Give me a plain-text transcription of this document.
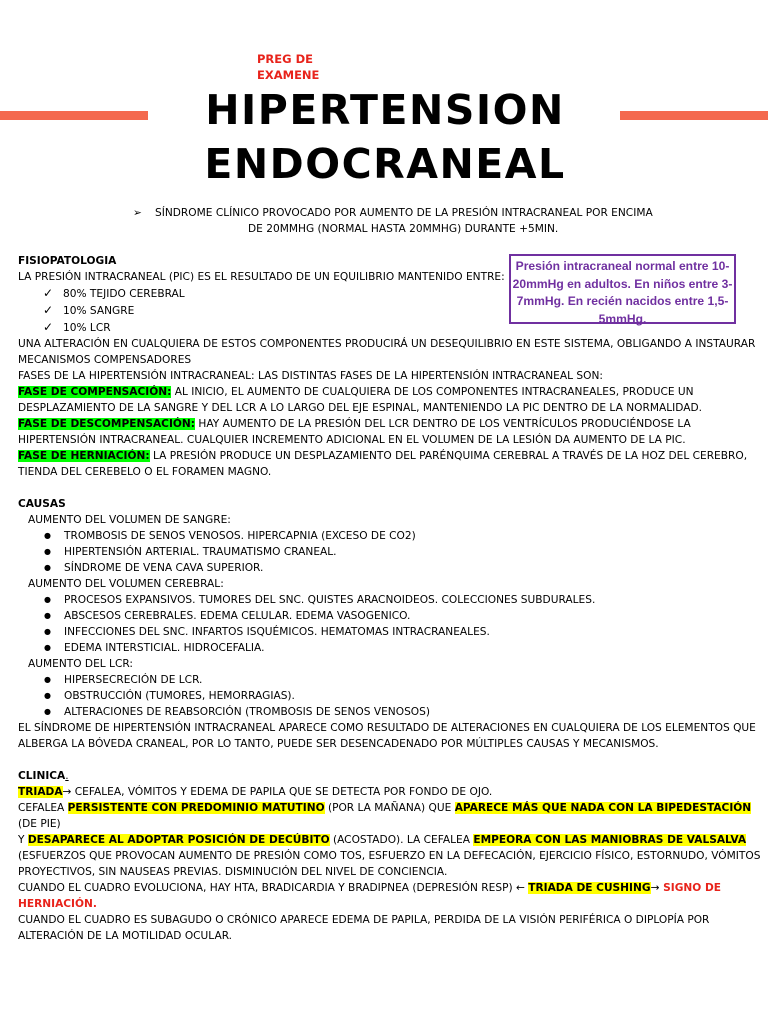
PREG DE EXAMENE
HIPERTENSION
ENDOCRANEAL
➢ SÍNDROME CLÍNICO PROVOCADO POR AUMENTO DE LA PRESIÓN INTRACRANEAL POR ENCIMA
DE 20MMHG (NORMAL HASTA 20MMHG) DURANTE +5MIN.
Presión intracraneal normal entre 10-20mmHg en adultos. En niños entre 3-7mmHg. En recién nacidos entre 1,5-5mmHg.

FISIOPATOLOGIA

LA PRESIÓN INTRACRANEAL (PIC) ES EL RESULTADO DE UN EQUILIBRIO MANTENIDO ENTRE:

✓ 80% TEJIDO CEREBRAL

✓ 10% SANGRE

✓ 10% LCR

UNA ALTERACIÓN EN CUALQUIERA DE ESTOS COMPONENTES PRODUCIRÁ UN DESEQUILIBRIO EN ESTE SISTEMA, OBLIGANDO A INSTAURAR MECANISMOS COMPENSADORES

FASES DE LA HIPERTENSIÓN INTRACRANEAL: LAS DISTINTAS FASES DE LA HIPERTENSIÓN INTRACRANEAL SON:

FASE DE COMPENSACIÓN: AL INICIO, EL AUMENTO DE CUALQUIERA DE LOS COMPONENTES INTRACRANEALES, PRODUCE UN DESPLAZAMIENTO DE LA SANGRE Y DEL LCR A LO LARGO DEL EJE ESPINAL, MANTENIENDO LA PIC DENTRO DE LA NORMALIDAD.

FASE DE DESCOMPENSACIÓN: HAY AUMENTO DE LA PRESIÓN DEL LCR DENTRO DE LOS VENTRÍCULOS PRODUCIÉNDOSE LA HIPERTENSIÓN INTRACRANEAL. CUALQUIER INCREMENTO ADICIONAL EN EL VOLUMEN DE LA LESIÓN DA AUMENTO DE LA PIC.

FASE DE HERNIACIÓN: LA PRESIÓN PRODUCE UN DESPLAZAMIENTO DEL PARÉNQUIMA CEREBRAL A TRAVÉS DE LA HOZ DEL CEREBRO, TIENDA DEL CEREBELO O EL FORAMEN MAGNO.

CAUSAS

AUMENTO DEL VOLUMEN DE SANGRE:

● TROMBOSIS DE SENOS VENOSOS. HIPERCAPNIA (EXCESO DE CO2)

● HIPERTENSIÓN ARTERIAL. TRAUMATISMO CRANEAL.

● SÍNDROME DE VENA CAVA SUPERIOR.

AUMENTO DEL VOLUMEN CEREBRAL:

● PROCESOS EXPANSIVOS. TUMORES DEL SNC. QUISTES ARACNOIDEOS. COLECCIONES SUBDURALES.

● ABSCESOS CEREBRALES. EDEMA CELULAR. EDEMA VASOGENICO.

● INFECCIONES DEL SNC. INFARTOS ISQUÉMICOS. HEMATOMAS INTRACRANEALES.

● EDEMA INTERSTICIAL. HIDROCEFALIA.

AUMENTO DEL LCR:

● HIPERSECRECIÓN DE LCR.

● OBSTRUCCIÓN (TUMORES, HEMORRAGIAS).

● ALTERACIONES DE REABSORCIÓN (TROMBOSIS DE SENOS VENOSOS)

EL SÍNDROME DE HIPERTENSIÓN INTRACRANEAL APARECE COMO RESULTADO DE ALTERACIONES EN CUALQUIERA DE LOS ELEMENTOS QUE ALBERGA LA BÓVEDA CRANEAL, POR LO TANTO, PUEDE SER DESENCADENADO POR MÚLTIPLES CAUSAS Y MECANISMOS.

CLINICA.

TRIADA→ CEFALEA, VÓMITOS Y EDEMA DE PAPILA QUE SE DETECTA POR FONDO DE OJO.

CEFALEA PERSISTENTE CON PREDOMINIO MATUTINO (POR LA MAÑANA) QUE APARECE MÁS QUE NADA CON LA BIPEDESTACIÓN (DE PIE)

Y DESAPARECE AL ADOPTAR POSICIÓN DE DECÚBITO (ACOSTADO). LA CEFALEA EMPEORA CON LAS MANIOBRAS DE VALSALVA

(ESFUERZOS QUE PROVOCAN AUMENTO DE PRESIÓN COMO TOS, ESFUERZO EN LA DEFECACIÓN, EJERCICIO FÍSICO, ESTORNUDO, VÓMITOS PROYECTIVOS, SIN NAUSEAS PREVIAS. DISMINUCIÓN DEL NIVEL DE CONCIENCIA.

CUANDO EL CUADRO EVOLUCIONA, HAY HTA, BRADICARDIA Y BRADIPNEA (DEPRESIÓN RESP) ← TRIADA DE CUSHING→ SIGNO DE HERNIACIÓN.

CUANDO EL CUADRO ES SUBAGUDO O CRÓNICO APARECE EDEMA DE PAPILA, PERDIDA DE LA VISIÓN PERIFÉRICA O DIPLOPÍA POR ALTERACIÓN DE LA MOTILIDAD OCULAR.
